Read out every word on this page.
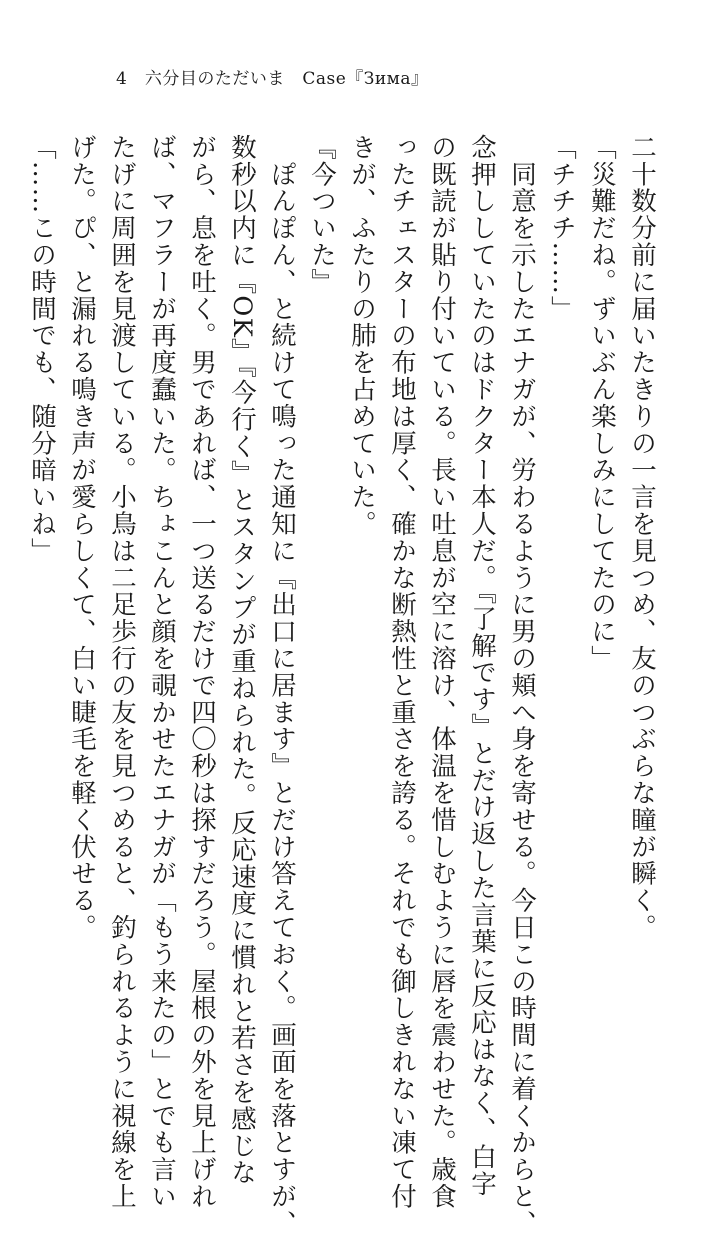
4　 六分目のただいま　Case『Зима』
二十数分前に届いたきりの一言を見つめ、友のつぶらな瞳が瞬く。
「災難だね。ずいぶん楽しみにしてたのに」
「チチチ……」
　同意を示したエナガが、労わるように男の頬へ身を寄せる。今日この時間に着くからと、
念押ししていたのはドクター本人だ。『了解です』とだけ返した言葉に反応はなく、白字
の既読が貼り付いている。長い吐息が空に溶け、体温を惜しむように唇を震わせた。歳食
ったチェスターの布地は厚く、確かな断熱性と重さを誇る。それでも御しきれない凍て付
きが、ふたりの肺を占めていた。
『今ついた』
　ぽんぽん、と続けて鳴った通知に『出口に居ます』とだけ答えておく。画面を落とすが、
数秒以内に『OK』『今行く』とスタンプが重ねられた。反応速度に慣れと若さを感じな
がら、息を吐く。男であれば、一つ送るだけで四〇秒は探すだろう。屋根の外を見上げれ
ば、マフラーが再度蠢いた。ちょこんと顔を覗かせたエナガが「もう来たの」とでも言い
たげに周囲を見渡している。小鳥は二足歩行の友を見つめると、釣られるように視線を上
げた。ぴ、と漏れる鳴き声が愛らしくて、白い睫毛を軽く伏せる。
「……この時間でも、随分暗いね」
